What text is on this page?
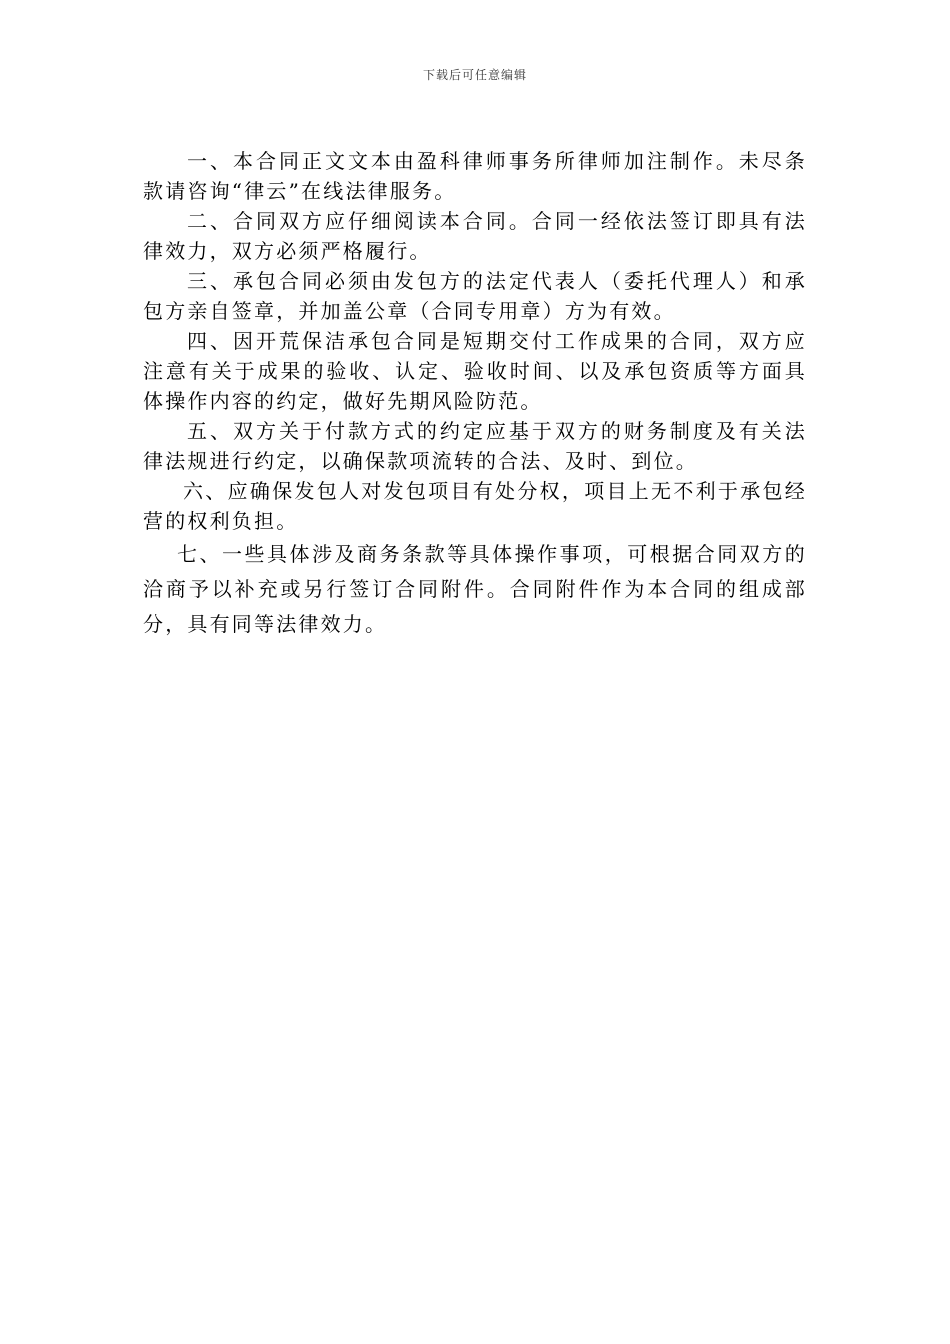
下载后可任意编辑

一、本合同正文文本由盈科律师事务所律师加注制作。未尽条款请咨询“律云”在线法律服务。

二、合同双方应仔细阅读本合同。合同一经依法签订即具有法律效力，双方必须严格履行。

三、承包合同必须由发包方的法定代表人（委托代理人）和承包方亲自签章，并加盖公章（合同专用章）方为有效。

四、因开荒保洁承包合同是短期交付工作成果的合同，双方应注意有关于成果的验收、认定、验收时间、以及承包资质等方面具体操作内容的约定，做好先期风险防范。

五、双方关于付款方式的约定应基于双方的财务制度及有关法律法规进行约定，以确保款项流转的合法、及时、到位。

六、应确保发包人对发包项目有处分权，项目上无不利于承包经营的权利负担。

七、一些具体涉及商务条款等具体操作事项，可根据合同双方的洽商予以补充或另行签订合同附件。合同附件作为本合同的组成部分，具有同等法律效力。
